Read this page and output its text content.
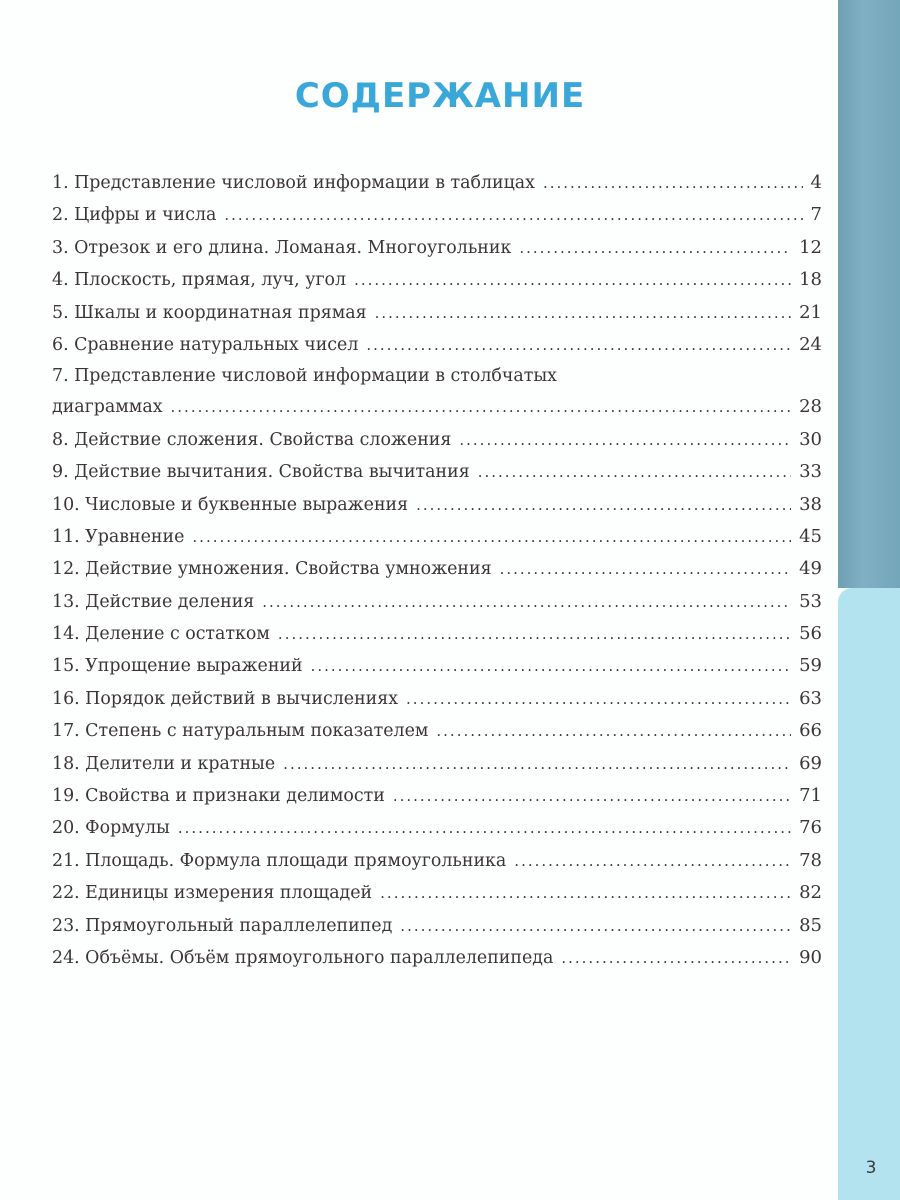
СОДЕРЖАНИЕ
1. Представление числовой информации в таблицах .....	4
2. Цифры и числа .....	7
3. Отрезок и его длина. Ломаная. Многоугольник .....	12
4. Плоскость, прямая, луч, угол .....	18
5. Шкалы и координатная прямая .....	21
6. Сравнение натуральных чисел .....	24
7. Представление числовой информации в столбчатых
диаграммах .....	28
8. Действие сложения. Свойства сложения .....	30
9. Действие вычитания. Свойства вычитания .....	33
10. Числовые и буквенные выражения .....	38
11. Уравнение .....	45
12. Действие умножения. Свойства умножения .....	49
13. Действие деления .....	53
14. Деление с остатком .....	56
15. Упрощение выражений .....	59
16. Порядок действий в вычислениях .....	63
17. Степень с натуральным показателем .....	66
18. Делители и кратные .....	69
19. Свойства и признаки делимости .....	71
20. Формулы .....	76
21. Площадь. Формула площади прямоугольника .....	78
22. Единицы измерения площадей .....	82
23. Прямоугольный параллелепипед .....	85
24. Объёмы. Объём прямоугольного параллелепипеда .....	90
3
